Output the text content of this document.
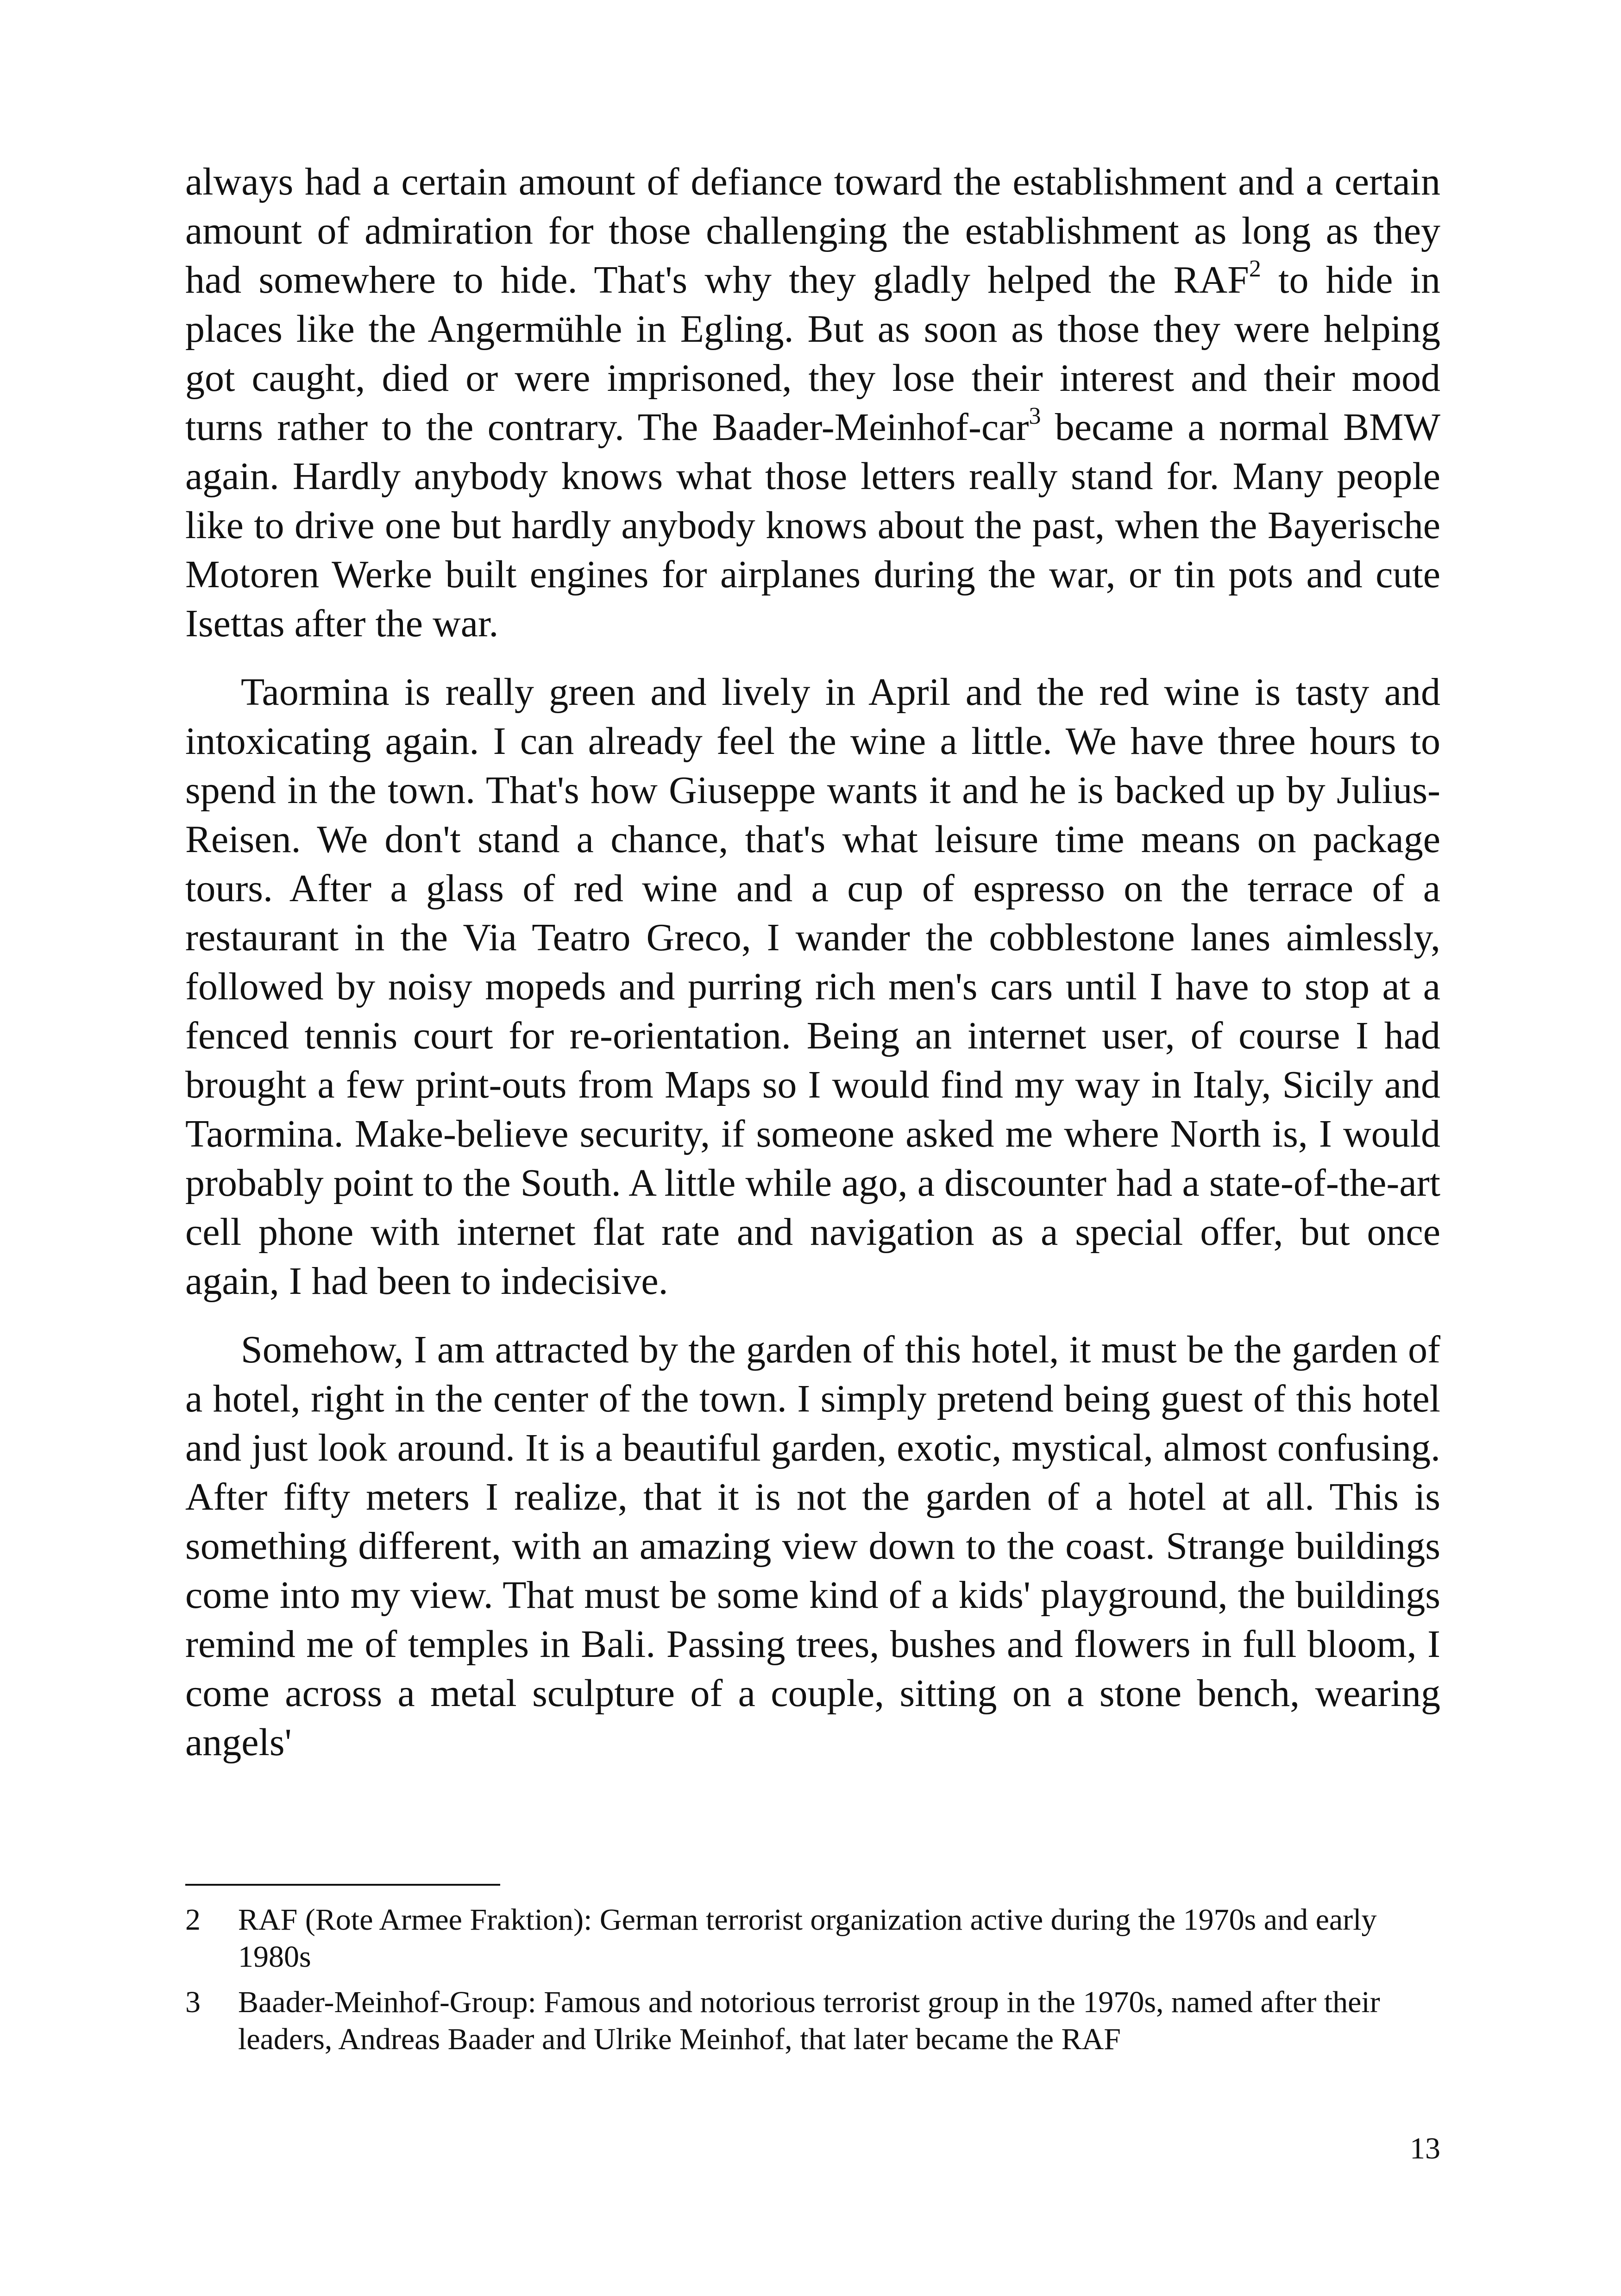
always had a certain amount of defiance toward the establishment and a certain amount of admiration for those challenging the establishment as long as they had somewhere to hide. That's why they gladly helped the RAF$^2$ to hide in places like the Angermühle in Egling. But as soon as those they were helping got caught, died or were imprisoned, they lose their interest and their mood turns rather to the contrary. The Baader-Meinhof-car$^3$ became a normal BMW again. Hardly anybody knows what those letters really stand for. Many people like to drive one but hardly anybody knows about the past, when the Bayerische Motoren Werke built engines for airplanes during the war, or tin pots and cute Isettas after the war.

Taormina is really green and lively in April and the red wine is tasty and intoxicating again. I can already feel the wine a little. We have three hours to spend in the town. That's how Giuseppe wants it and he is backed up by Julius-Reisen. We don't stand a chance, that's what leisure time means on package tours. After a glass of red wine and a cup of espresso on the terrace of a restaurant in the Via Teatro Greco, I wander the cobblestone lanes aimlessly, followed by noisy mopeds and purring rich men's cars until I have to stop at a fenced tennis court for re-orientation. Being an internet user, of course I had brought a few print-outs from Maps so I would find my way in Italy, Sicily and Taormina. Make-believe security, if someone asked me where North is, I would probably point to the South. A little while ago, a discounter had a state-of-the-art cell phone with internet flat rate and navigation as a special offer, but once again, I had been to indecisive.

Somehow, I am attracted by the garden of this hotel, it must be the garden of a hotel, right in the center of the town. I simply pretend being guest of this hotel and just look around. It is a beautiful garden, exotic, mystical, almost confusing. After fifty meters I realize, that it is not the garden of a hotel at all. This is something different, with an amazing view down to the coast. Strange buildings come into my view. That must be some kind of a kids' playground, the buildings remind me of temples in Bali. Passing trees, bushes and flowers in full bloom, I come across a metal sculpture of a couple, sitting on a stone bench, wearing angels'

2	RAF (Rote Armee Fraktion): German terrorist organization active during the 1970s and early 1980s
3	Baader-Meinhof-Group: Famous and notorious terrorist group in the 1970s, named after their leaders, Andreas Baader and Ulrike Meinhof, that later became the RAF
13
